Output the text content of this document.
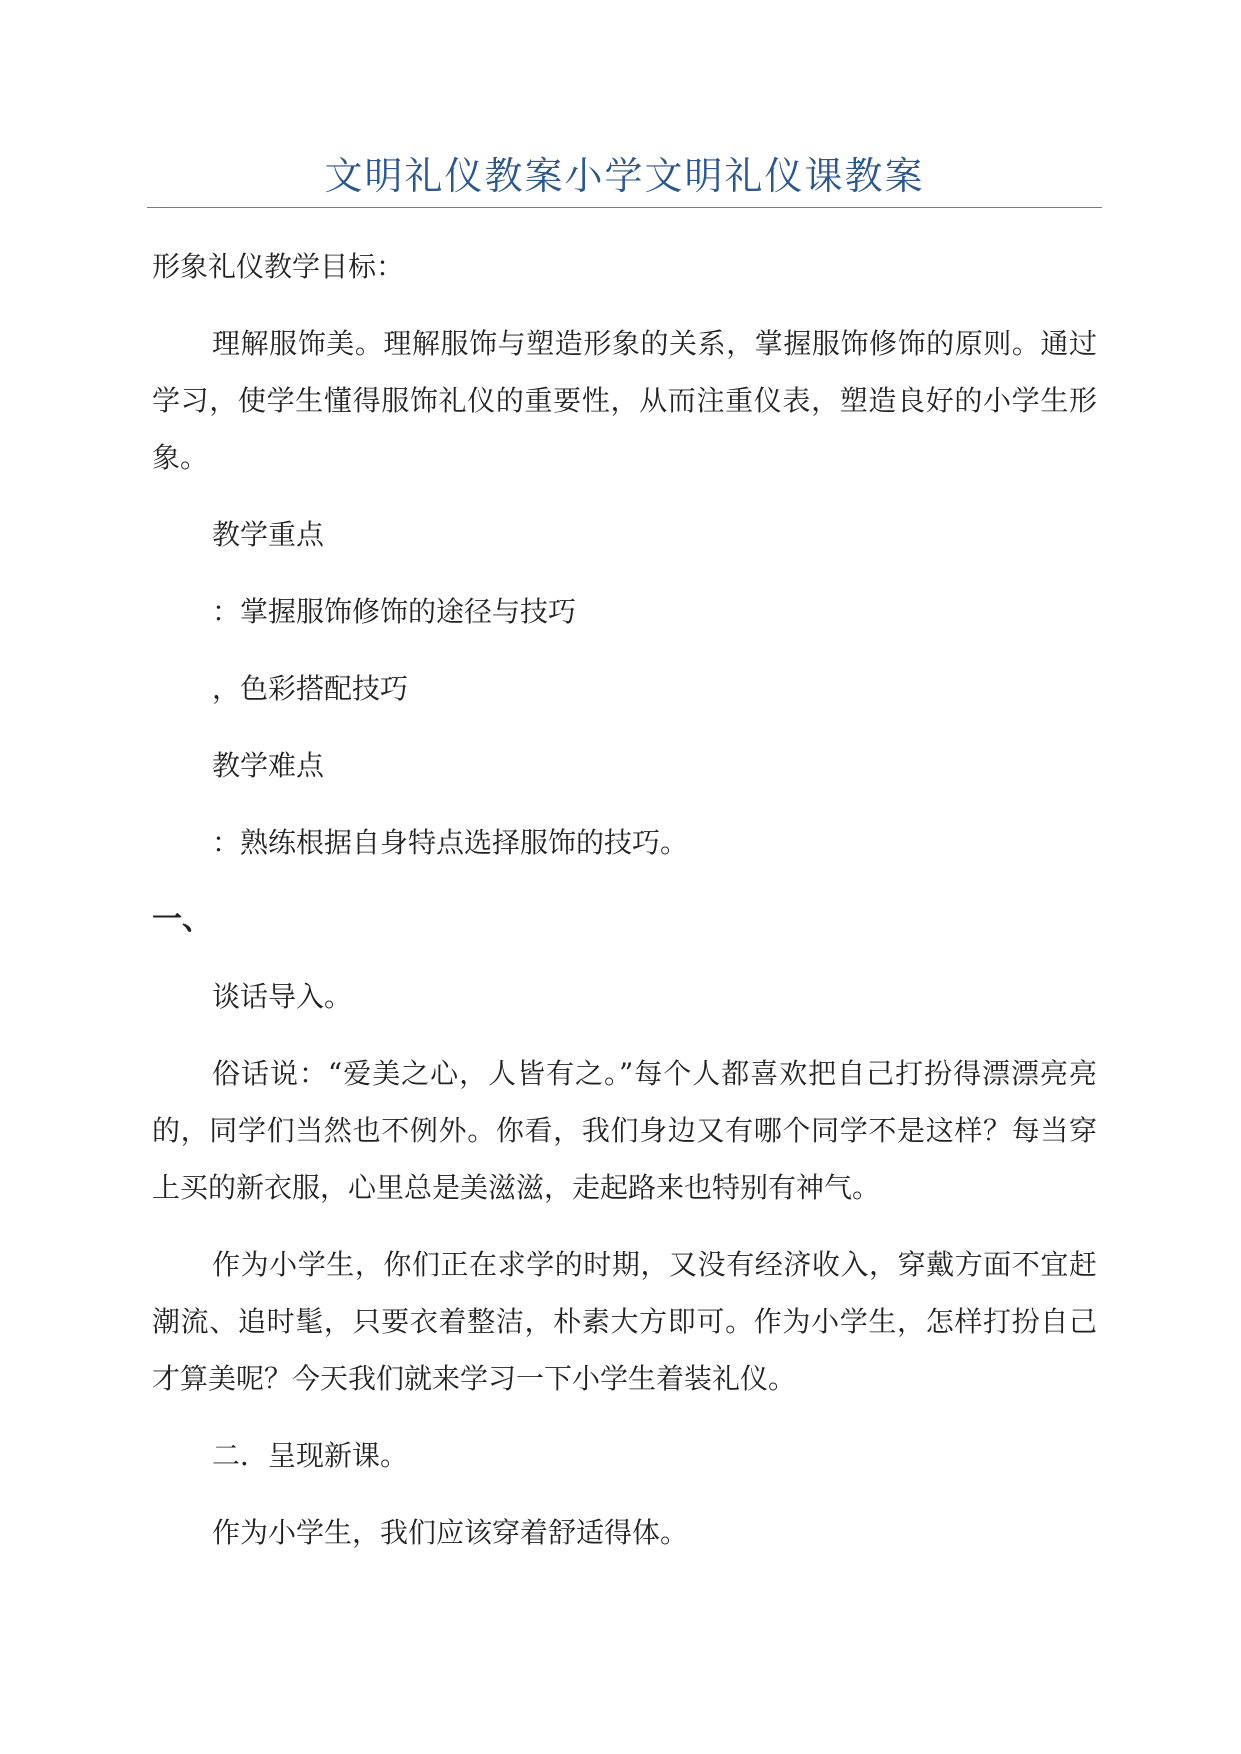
文明礼仪教案小学文明礼仪课教案

形象礼仪教学目标：

理解服饰美。理解服饰与塑造形象的关系，掌握服饰修饰的原则。通过学习，使学生懂得服饰礼仪的重要性，从而注重仪表，塑造良好的小学生形象。

教学重点

：掌握服饰修饰的途径与技巧

，色彩搭配技巧

教学难点

：熟练根据自身特点选择服饰的技巧。

一、

谈话导入。

俗话说：“爱美之心，人皆有之。”每个人都喜欢把自己打扮得漂漂亮亮的，同学们当然也不例外。你看，我们身边又有哪个同学不是这样？每当穿上买的新衣服，心里总是美滋滋，走起路来也特别有神气。

作为小学生，你们正在求学的时期，又没有经济收入，穿戴方面不宜赶潮流、追时髦，只要衣着整洁，朴素大方即可。作为小学生，怎样打扮自己才算美呢？今天我们就来学习一下小学生着装礼仪。

二．呈现新课。

作为小学生，我们应该穿着舒适得体。
